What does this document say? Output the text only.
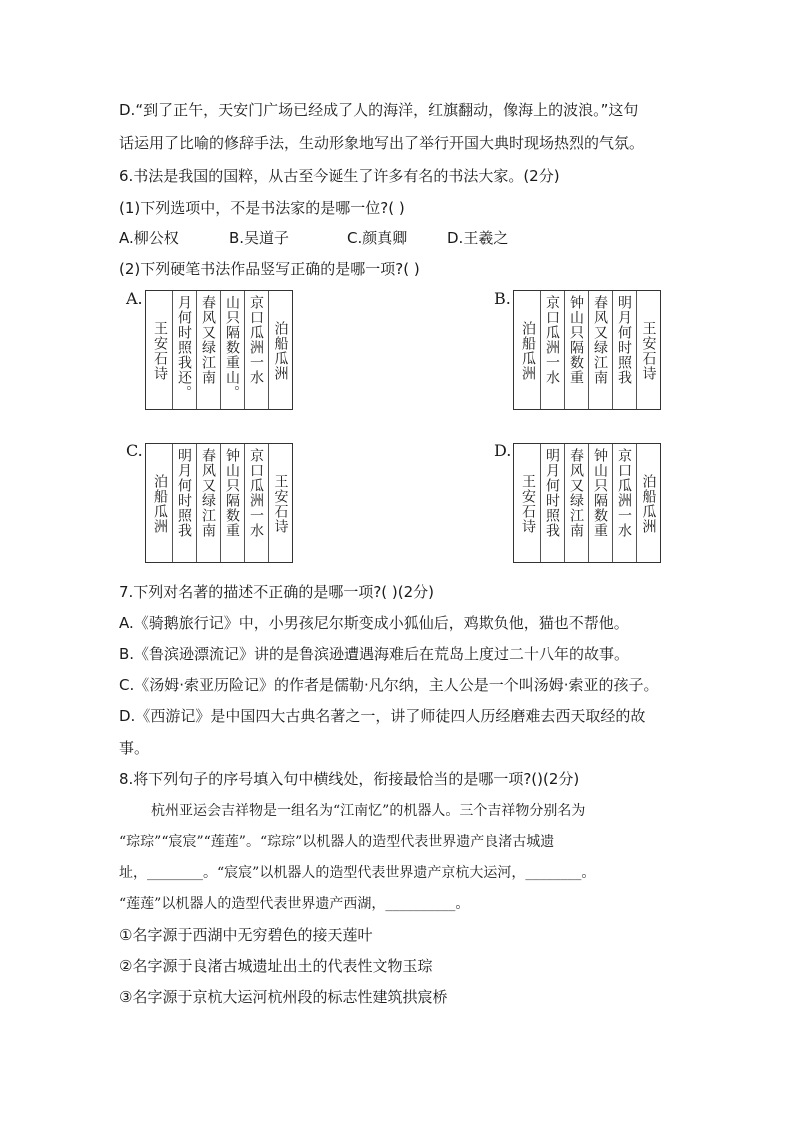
D.“到了正午，天安门广场已经成了人的海洋，红旗翻动，像海上的波浪。”这句
话运用了比喻的修辞手法，生动形象地写出了举行开国大典时现场热烈的气氛。
6.书法是我国的国粹，从古至今诞生了许多有名的书法大家。(2分)
(1)下列选项中，不是书法家的是哪一位?( )
A.柳公权	B.吴道子	C.颜真卿	D.王羲之
(2)下列硬笔书法作品竖写正确的是哪一项?( )
A.
泊船瓜洲
京口瓜洲一水
山只隔数重山。
春风又绿江南
月何时照我还。
王安石诗
B.
王安石诗
明月何时照我
春风又绿江南
钟山只隔数重
京口瓜洲一水
泊船瓜洲
C.
王安石诗
京口瓜洲一水
钟山只隔数重
春风又绿江南
明月何时照我
泊船瓜洲
D.
泊船瓜洲
京口瓜洲一水
钟山只隔数重
春风又绿江南
明月何时照我
王安石诗
7.下列对名著的描述不正确的是哪一项?( )(2分)
A.《骑鹅旅行记》中，小男孩尼尔斯变成小狐仙后，鸡欺负他，猫也不帮他。
B.《鲁滨逊漂流记》讲的是鲁滨逊遭遇海难后在荒岛上度过二十八年的故事。
C.《汤姆·索亚历险记》的作者是儒勒·凡尔纳，主人公是一个叫汤姆·索亚的孩子。
D.《西游记》是中国四大古典名著之一，讲了师徒四人历经磨难去西天取经的故
事。
8.将下列句子的序号填入句中横线处，衔接最恰当的是哪一项?()(2分)
杭州亚运会吉祥物是一组名为“江南忆”的机器人。三个吉祥物分别名为
“琮琮”“宸宸”“莲莲”。“琮琮”以机器人的造型代表世界遗产良渚古城遗
址，________。“宸宸”以机器人的造型代表世界遗产京杭大运河，________。
“莲莲”以机器人的造型代表世界遗产西湖，__________。
①名字源于西湖中无穷碧色的接天莲叶
②名字源于良渚古城遗址出土的代表性文物玉琮
③名字源于京杭大运河杭州段的标志性建筑拱宸桥
